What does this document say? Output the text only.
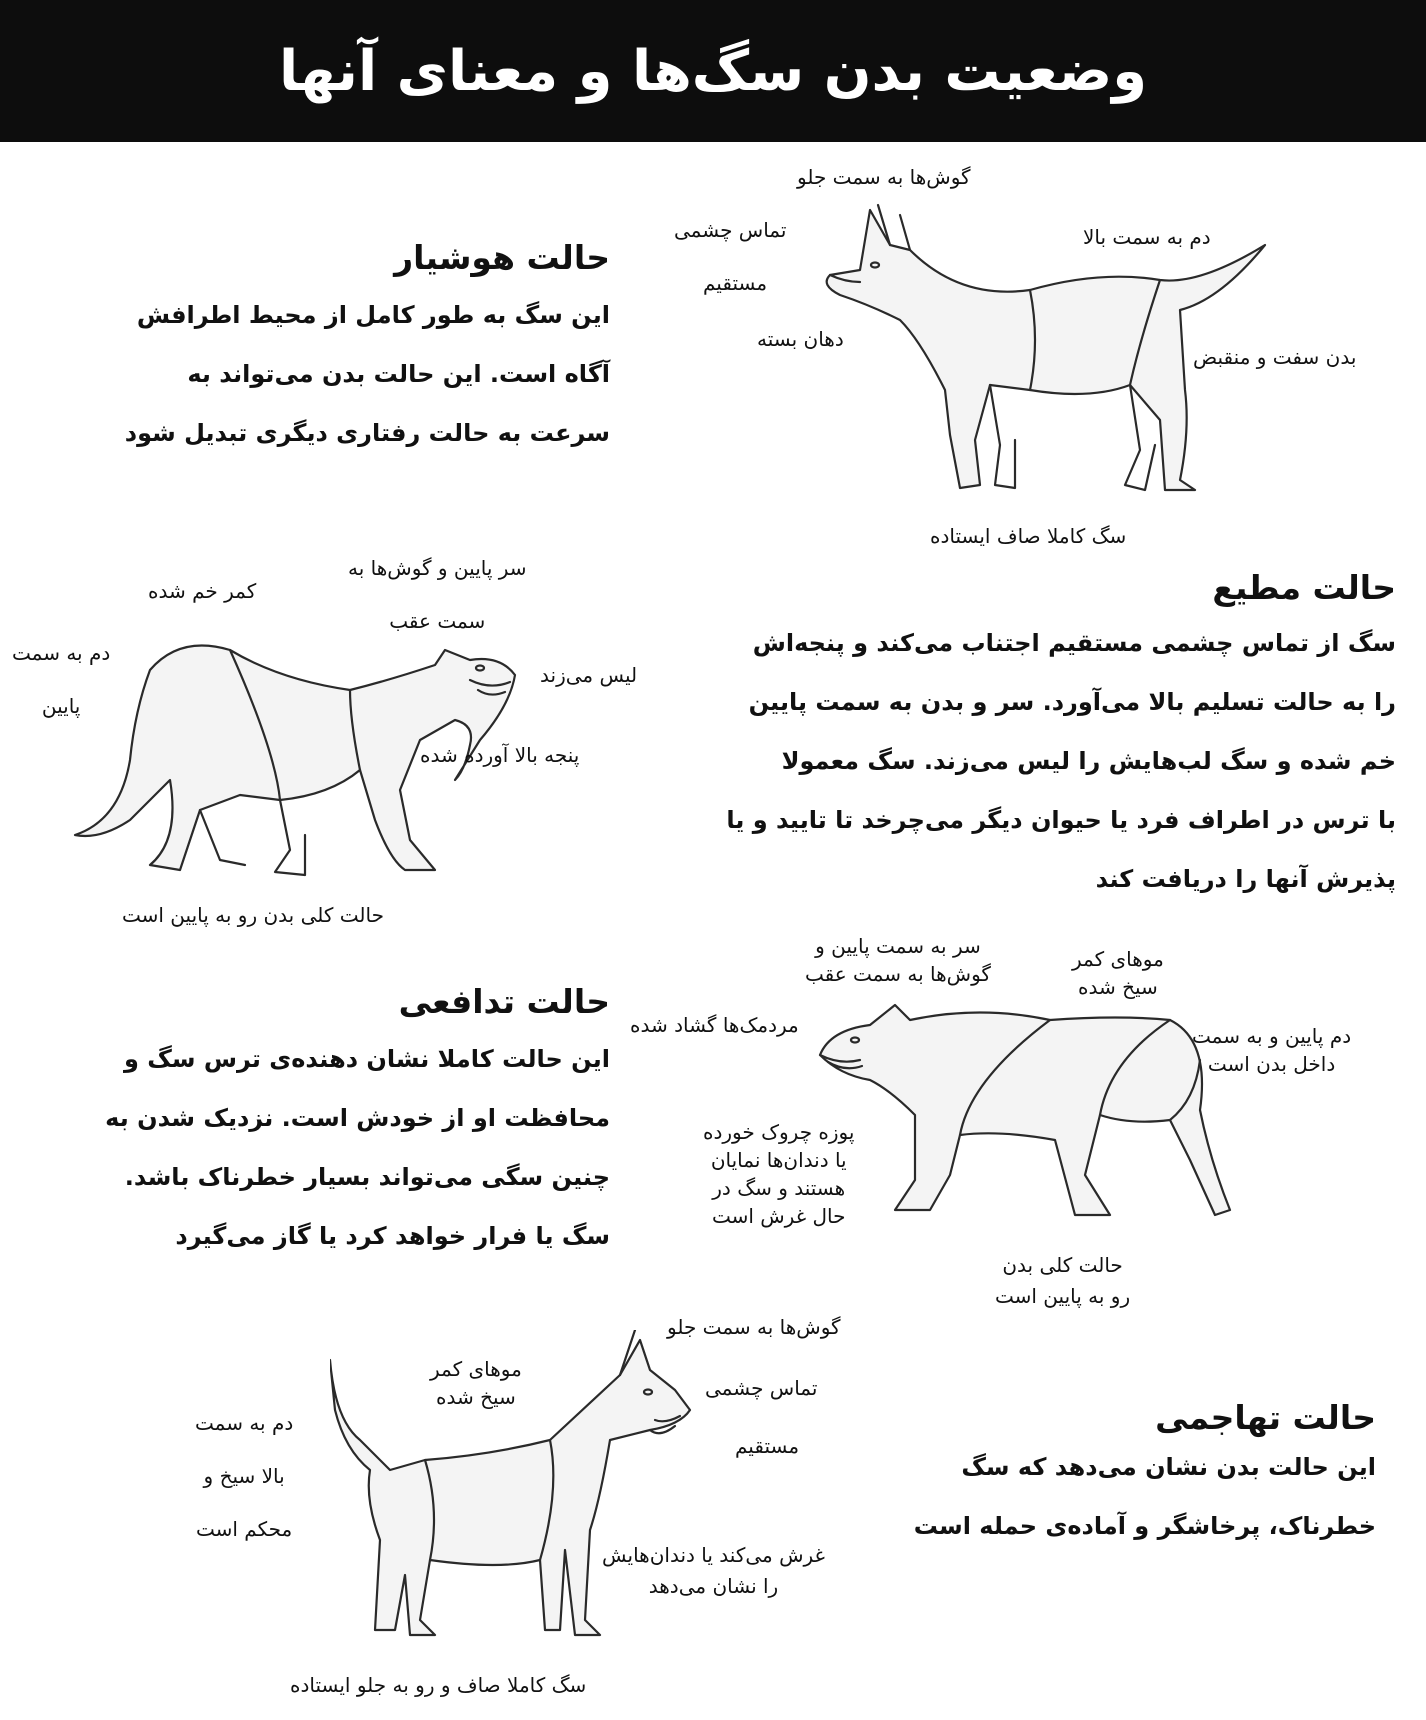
وضعیت بدن سگ‌ها و معنای آنها
حالت هوشیار
این سگ به طور کامل از محیط اطرافش
آگاه است. این حالت بدن می‌تواند به
سرعت به حالت رفتاری دیگری تبدیل شود
گوش‌ها به سمت جلو
تماس چشمی
مستقیم
دهان بسته
دم به سمت بالا
بدن سفت و منقبض
سگ کاملا صاف ایستاده
حالت مطیع
سگ از تماس چشمی مستقیم اجتناب می‌کند و پنجه‌اش
را به حالت تسلیم بالا می‌آورد. سر و بدن به سمت پایین
خم شده و سگ لب‌هایش را لیس می‌زند. سگ معمولا
با ترس در اطراف فرد یا حیوان دیگر می‌چرخد تا تایید و یا
پذیرش آنها را دریافت کند
سر پایین و گوش‌ها به
سمت عقب
کمر خم شده
دم به سمت
پایین
لیس می‌زند
پنجه بالا آورده شده
حالت کلی بدن رو به پایین است
حالت تدافعی
این حالت کاملا نشان دهنده‌ی ترس سگ و
محافظت او از خودش است. نزدیک شدن به
چنین سگی می‌تواند بسیار خطرناک باشد.
سگ یا فرار خواهد کرد یا گاز می‌گیرد
سر به سمت پایین و
گوش‌ها به سمت عقب
موهای کمر
سیخ شده
مردمک‌ها گشاد شده	دم پایین و به سمت
داخل بدن است
پوزه چروک خورده
یا دندان‌ها نمایان
هستند و سگ در
حال غرش است
حالت کلی بدن
رو به پایین است
حالت تهاجمی
این حالت بدن نشان می‌دهد که سگ
خطرناک، پرخاشگر و آماده‌ی حمله است
گوش‌ها به سمت جلو
تماس چشمی
مستقیم
موهای کمر
سیخ شده
دم به سمت
بالا سیخ و
محکم است
غرش می‌کند یا دندان‌هایش
را نشان می‌دهد
سگ کاملا صاف و رو به جلو ایستاده
